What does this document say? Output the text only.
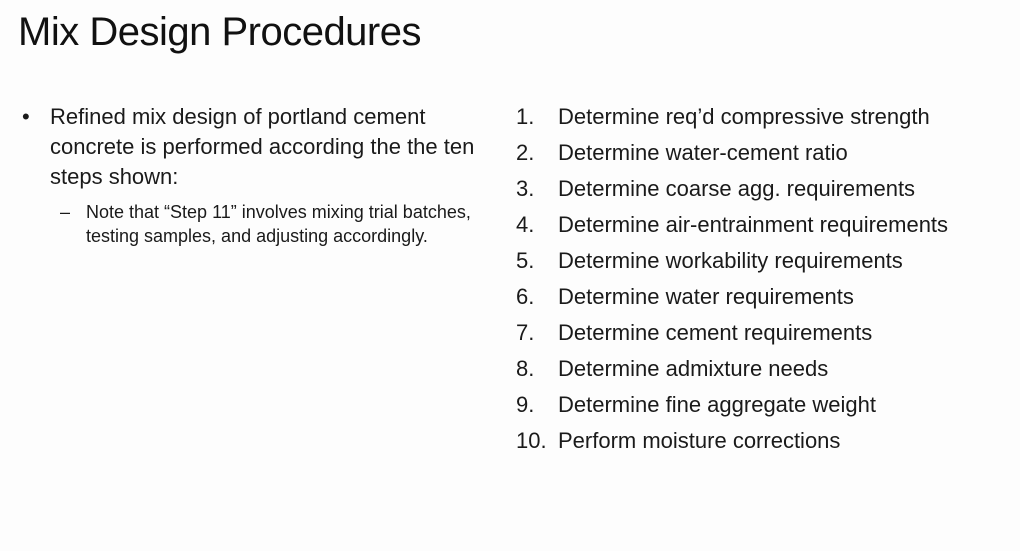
Mix Design Procedures
• Refined mix design of portland cement concrete is performed according the the ten steps shown:
– Note that “Step 11” involves mixing trial batches, testing samples, and adjusting accordingly.
1. Determine req’d compressive strength
2. Determine water-cement ratio
3. Determine coarse agg. requirements
4. Determine air-entrainment requirements
5. Determine workability requirements
6. Determine water requirements
7. Determine cement requirements
8. Determine admixture needs
9. Determine fine aggregate weight
10. Perform moisture corrections
